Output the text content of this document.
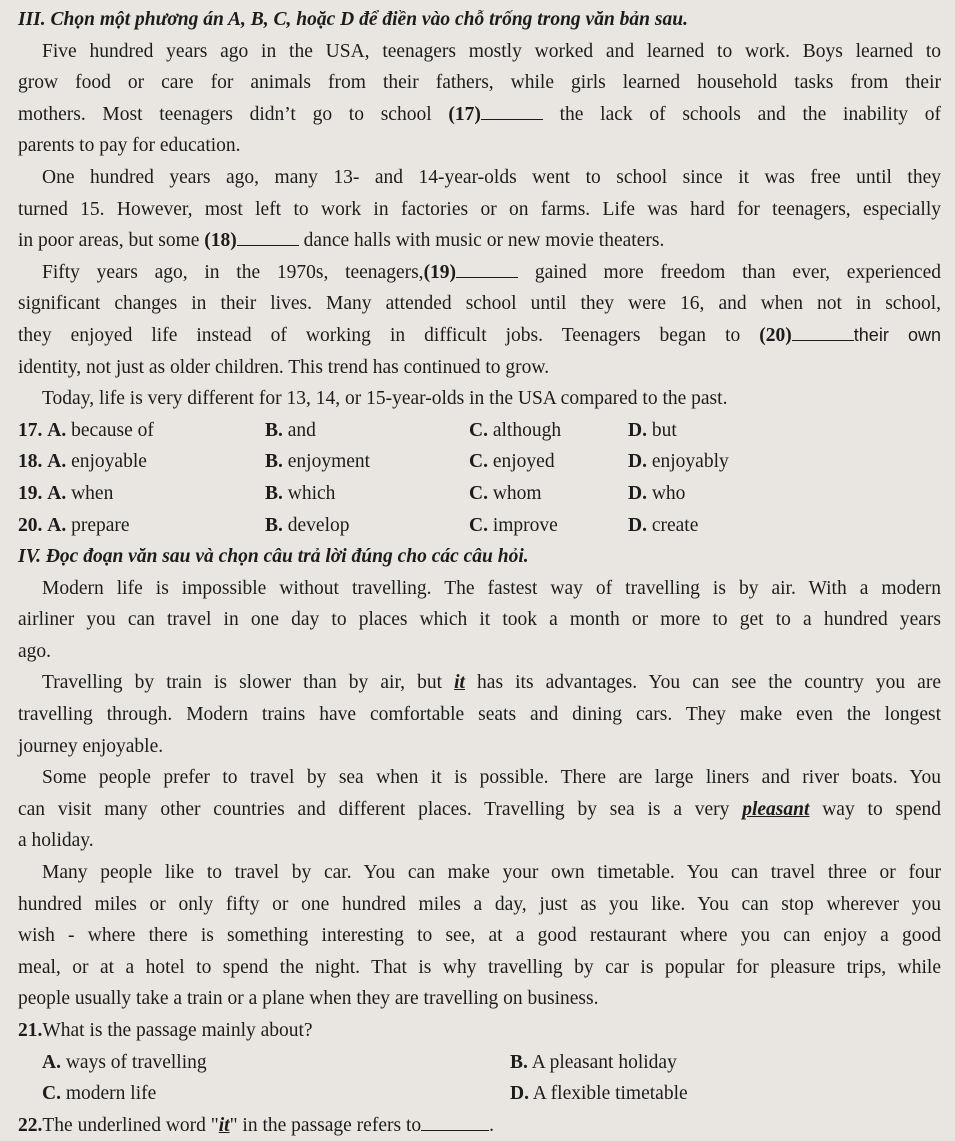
III. Chọn một phương án A, B, C, hoặc D để điền vào chỗ trống trong văn bản sau.
Five hundred years ago in the USA, teenagers mostly worked and learned to work. Boys learned to
grow food or care for animals from their fathers, while girls learned household tasks from their
mothers. Most teenagers didn’t go to school (17)	the lack of schools and the inability of
parents to pay for education.
One hundred years ago, many 13- and 14-year-olds went to school since it was free until they
turned 15. However, most left to work in factories or on farms. Life was hard for teenagers, especially
in poor areas, but some (18)	dance halls with music or new movie theaters.
Fifty years ago, in the 1970s, teenagers,(19)	gained more freedom than ever, experienced
significant changes in their lives. Many attended school until they were 16, and when not in school,
they enjoyed life instead of working in difficult jobs. Teenagers began to (20)	their own
identity, not just as older children. This trend has continued to grow.
Today, life is very different for 13, 14, or 15-year-olds in the USA compared to the past.
17. A. because of	B. and	C. although	D. but
18. A. enjoyable	B. enjoyment	C. enjoyed	D. enjoyably
19. A. when	B. which	C. whom	D. who
20. A. prepare	B. develop	C. improve	D. create
IV. Đọc đoạn văn sau và chọn câu trả lời đúng cho các câu hỏi.
Modern life is impossible without travelling. The fastest way of travelling is by air. With a modern
airliner you can travel in one day to places which it took a month or more to get to a hundred years
ago.
Travelling by train is slower than by air, but it has its advantages. You can see the country you are
travelling through. Modern trains have comfortable seats and dining cars. They make even the longest
journey enjoyable.
Some people prefer to travel by sea when it is possible. There are large liners and river boats. You
can visit many other countries and different places. Travelling by sea is a very pleasant way to spend
a holiday.
Many people like to travel by car. You can make your own timetable. You can travel three or four
hundred miles or only fifty or one hundred miles a day, just as you like. You can stop wherever you
wish - where there is something interesting to see, at a good restaurant where you can enjoy a good
meal, or at a hotel to spend the night. That is why travelling by car is popular for pleasure trips, while
people usually take a train or a plane when they are travelling on business.
21.What is the passage mainly about?
A. ways of travelling	B. A pleasant holiday
C. modern life	D. A flexible timetable
22.The underlined word "it" in the passage refers to	.
